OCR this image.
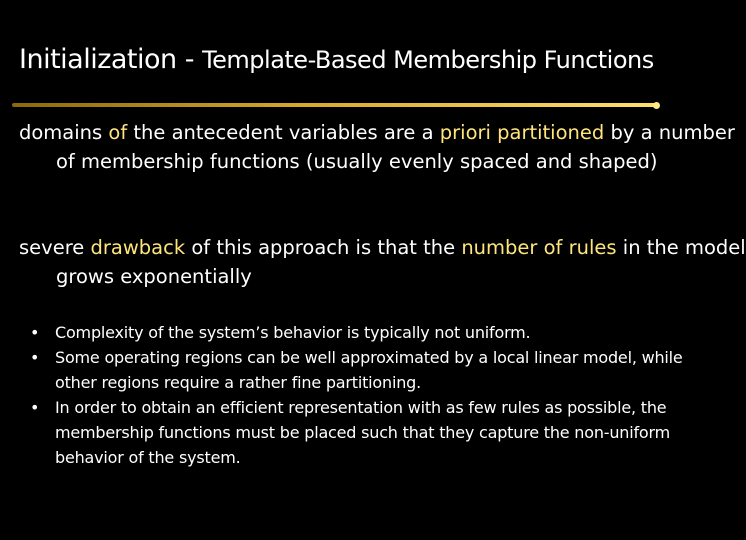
Initialization - Template-Based Membership Functions
domains of the antecedent variables are a priori partitioned by a number of membership functions (usually evenly spaced and shaped)
severe drawback of this approach is that the number of rules in the model grows exponentially
• Complexity of the system’s behavior is typically not uniform.
• Some operating regions can be well approximated by a local linear model, while other regions require a rather fine partitioning.
• In order to obtain an efficient representation with as few rules as possible, the membership functions must be placed such that they capture the non-uniform behavior of the system.
